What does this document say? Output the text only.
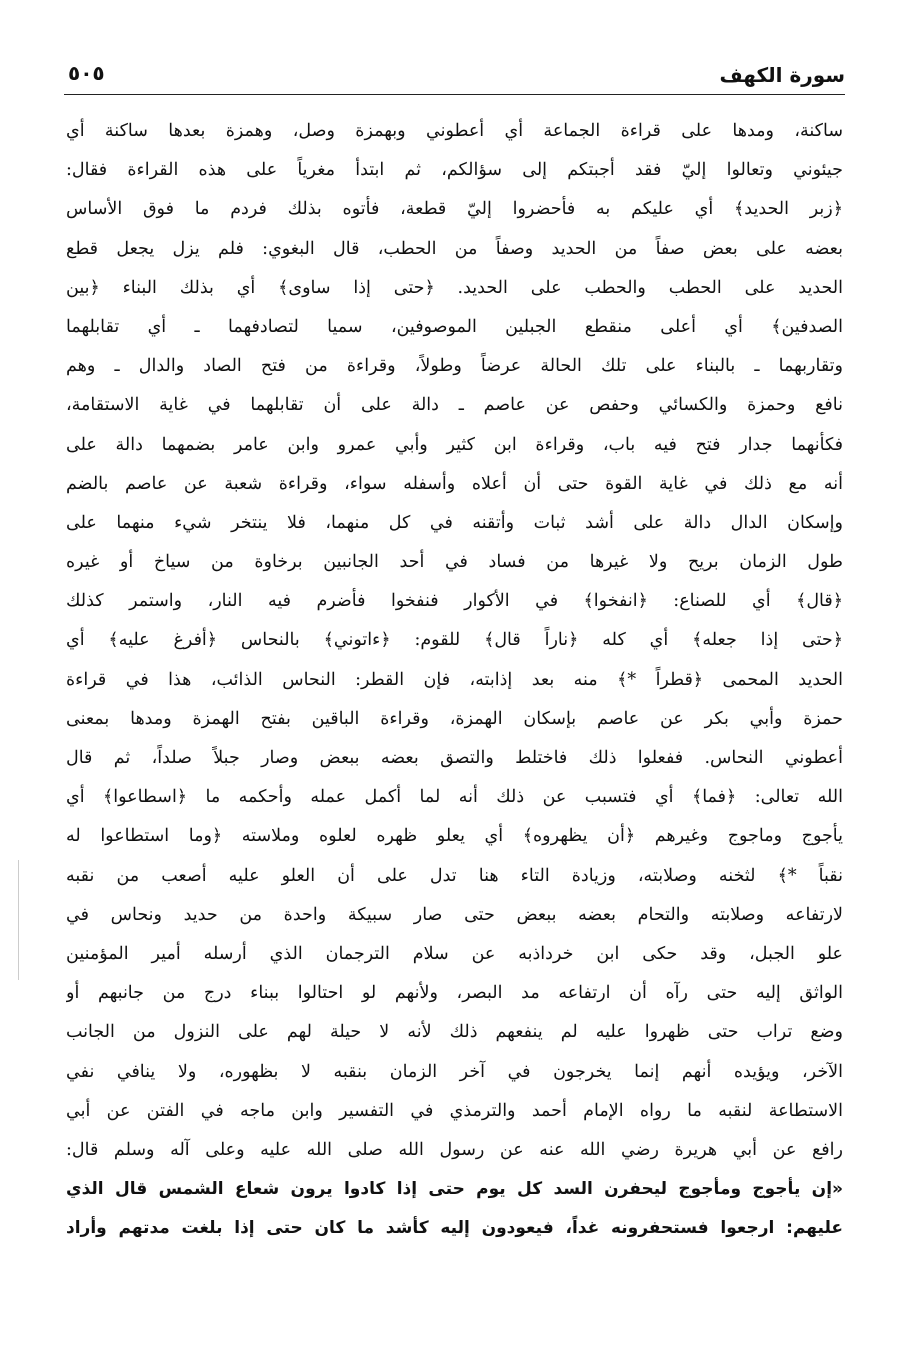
سورة الكهف
٥٠٥
ساكنة، ومدها على قراءة الجماعة أي أعطوني وبهمزة وصل، وهمزة بعدها ساكنة أي
جيئوني وتعالوا إليّ فقد أجبتكم إلى سؤالكم، ثم ابتدأ مغرياً على هذه القراءة فقال:
﴿زبر الحديد﴾ أي عليكم به فأحضروا إليّ قطعة، فأتوه بذلك فردم ما فوق الأساس
بعضه على بعض صفاً من الحديد وصفاً من الحطب، قال البغوي: فلم يزل يجعل قطع
الحديد على الحطب والحطب على الحديد. ﴿حتى إذا ساوى﴾ أي بذلك البناء ﴿بين
الصدفين﴾ أي أعلى منقطع الجبلين الموصوفين، سميا لتصادفهما ـ أي تقابلهما
وتقاربهما ـ بالبناء على تلك الحالة عرضاً وطولاً، وقراءة من فتح الصاد والدال ـ وهم
نافع وحمزة والكسائي وحفص عن عاصم ـ دالة على أن تقابلهما في غاية الاستقامة،
فكأنهما جدار فتح فيه باب، وقراءة ابن كثير وأبي عمرو وابن عامر بضمهما دالة على
أنه مع ذلك في غاية القوة حتى أن أعلاه وأسفله سواء، وقراءة شعبة عن عاصم بالضم
وإسكان الدال دالة على أشد ثبات وأتقنه في كل منهما، فلا ينتخر شيء منهما على
طول الزمان بريح ولا غيرها من فساد في أحد الجانبين برخاوة من سياخ أو غيره
﴿قال﴾ أي للصناع: ﴿انفخوا﴾ في الأكوار فنفخوا فأضرم فيه النار، واستمر كذلك
﴿حتى إذا جعله﴾ أي كله ﴿ناراً قال﴾ للقوم: ﴿ءاتوني﴾ بالنحاس ﴿أفرغ عليه﴾ أي
الحديد المحمى ﴿قطراً *﴾ منه بعد إذابته، فإن القطر: النحاس الذائب، هذا في قراءة
حمزة وأبي بكر عن عاصم بإسكان الهمزة، وقراءة الباقين بفتح الهمزة ومدها بمعنى
أعطوني النحاس. ففعلوا ذلك فاختلط والتصق بعضه ببعض وصار جبلاً صلداً، ثم قال
الله تعالى: ﴿فما﴾ أي فتسبب عن ذلك أنه لما أكمل عمله وأحكمه ما ﴿اسطاعوا﴾ أي
يأجوج وماجوج وغيرهم ﴿أن يظهروه﴾ أي يعلو ظهره لعلوه وملاسته ﴿وما استطاعوا له
نقباً *﴾ لثخنه وصلابته، وزيادة التاء هنا تدل على أن العلو عليه أصعب من نقبه
لارتفاعه وصلابته والتحام بعضه ببعض حتى صار سبيكة واحدة من حديد ونحاس في
علو الجبل، وقد حكى ابن خرداذبه عن سلام الترجمان الذي أرسله أمير المؤمنين
الواثق إليه حتى رآه أن ارتفاعه مد البصر، ولأنهم لو احتالوا ببناء درج من جانبهم أو
وضع تراب حتى ظهروا عليه لم ينفعهم ذلك لأنه لا حيلة لهم على النزول من الجانب
الآخر، ويؤيده أنهم إنما يخرجون في آخر الزمان بنقبه لا بظهوره، ولا ينافي نفي
الاستطاعة لنقبه ما رواه الإمام أحمد والترمذي في التفسير وابن ماجه في الفتن عن أبي
رافع عن أبي هريرة رضي الله عنه عن رسول الله صلى الله عليه وعلى آله وسلم قال:
«إن يأجوج ومأجوج ليحفرن السد كل يوم حتى إذا كادوا يرون شعاع الشمس قال الذي
عليهم: ارجعوا فستحفرونه غداً، فيعودون إليه كأشد ما كان حتى إذا بلغت مدتهم وأراد
